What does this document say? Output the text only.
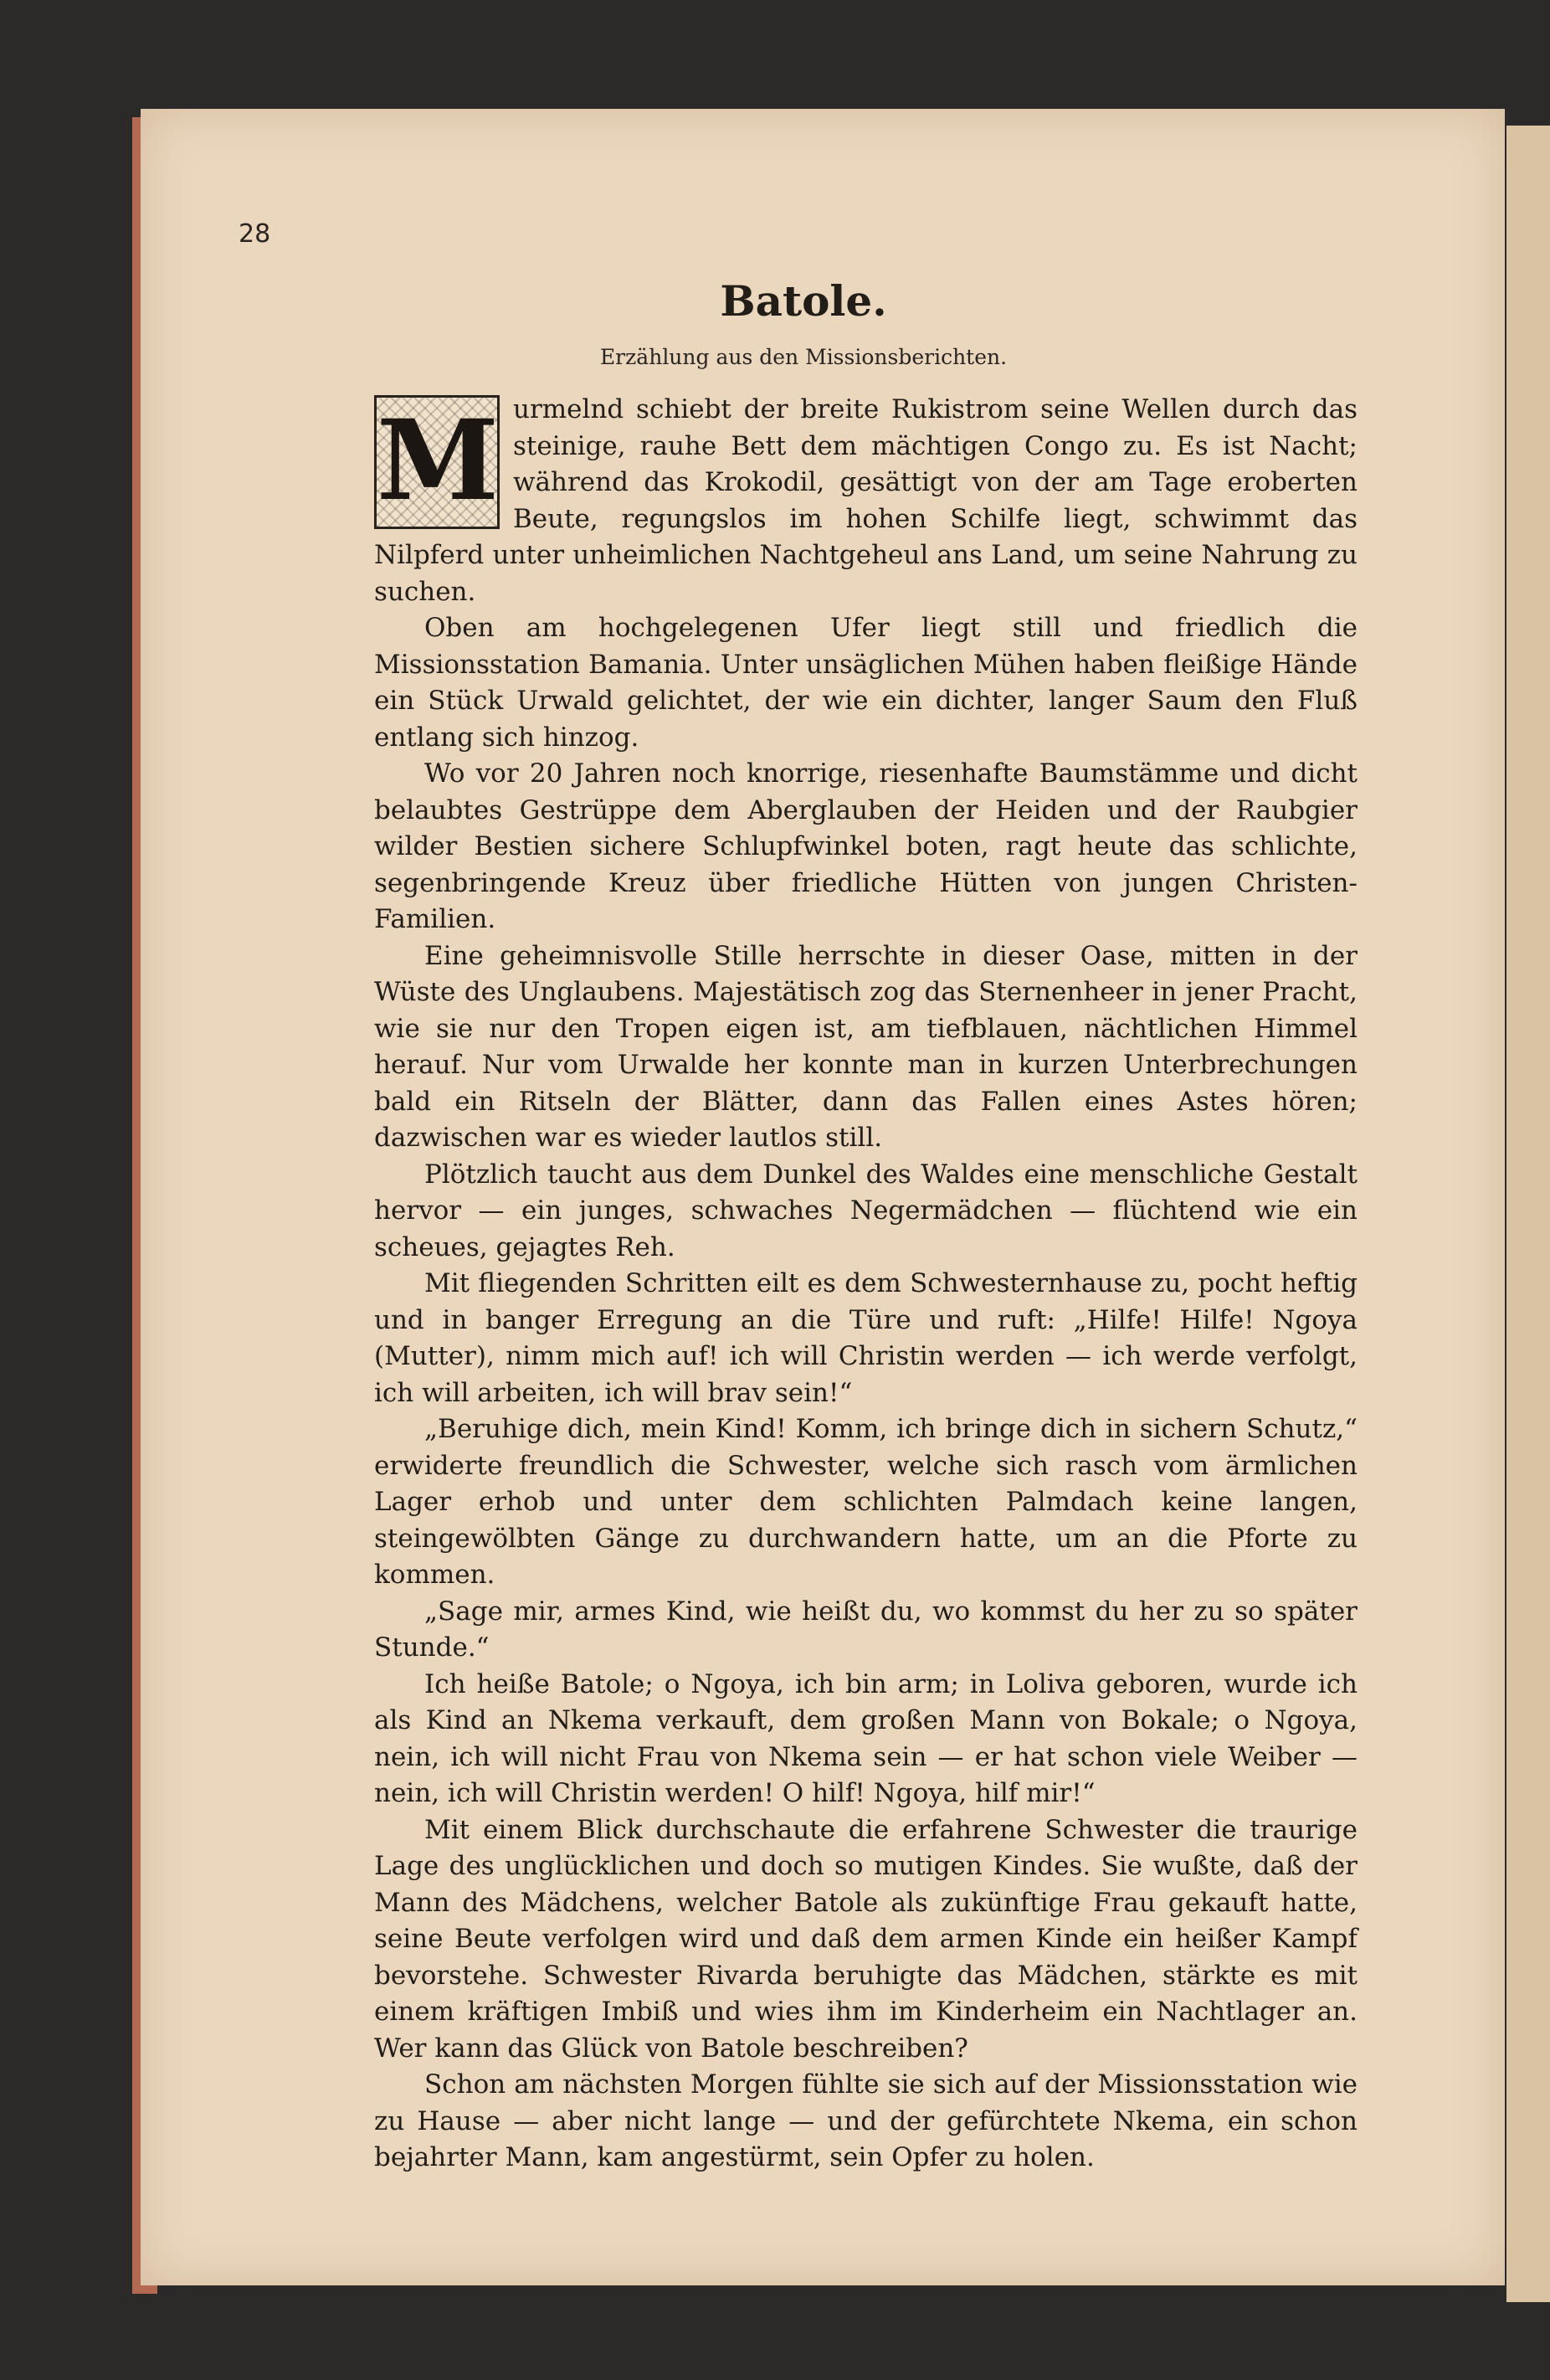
28

Batole.

Erzählung aus den Missionsberichten.

M urmelnd schiebt der breite Rukistrom seine Wellen durch das steinige, rauhe Bett dem mächtigen Congo zu. Es ist Nacht; während das Krokodil, gesättigt von der am Tage eroberten Beute, regungslos im hohen Schilfe liegt, schwimmt das Nilpferd unter unheimlichen Nachtgeheul ans Land, um seine Nahrung zu suchen.

Oben am hochgelegenen Ufer liegt still und friedlich die Missionsstation Bamania. Unter unsäglichen Mühen haben fleißige Hände ein Stück Urwald gelichtet, der wie ein dichter, langer Saum den Fluß entlang sich hinzog.

Wo vor 20 Jahren noch knorrige, riesenhafte Baumstämme und dicht belaubtes Gestrüppe dem Aberglauben der Heiden und der Raubgier wilder Bestien sichere Schlupfwinkel boten, ragt heute das schlichte, segenbringende Kreuz über friedliche Hütten von jungen Christen-Familien.

Eine geheimnisvolle Stille herrschte in dieser Oase, mitten in der Wüste des Unglaubens. Majestätisch zog das Sternenheer in jener Pracht, wie sie nur den Tropen eigen ist, am tiefblauen, nächtlichen Himmel herauf. Nur vom Urwalde her konnte man in kurzen Unterbrechungen bald ein Ritseln der Blätter, dann das Fallen eines Astes hören; dazwischen war es wieder lautlos still.

Plötzlich taucht aus dem Dunkel des Waldes eine menschliche Gestalt hervor — ein junges, schwaches Negermädchen — flüchtend wie ein scheues, gejagtes Reh.

Mit fliegenden Schritten eilt es dem Schwesternhause zu, pocht heftig und in banger Erregung an die Türe und ruft: „Hilfe! Hilfe! Ngoya (Mutter), nimm mich auf! ich will Christin werden — ich werde verfolgt, ich will arbeiten, ich will brav sein!“

„Beruhige dich, mein Kind! Komm, ich bringe dich in sichern Schutz,“ erwiderte freundlich die Schwester, welche sich rasch vom ärmlichen Lager erhob und unter dem schlichten Palmdach keine langen, steingewölbten Gänge zu durchwandern hatte, um an die Pforte zu kommen.

„Sage mir, armes Kind, wie heißt du, wo kommst du her zu so später Stunde.“

Ich heiße Batole; o Ngoya, ich bin arm; in Loliva geboren, wurde ich als Kind an Nkema verkauft, dem großen Mann von Bokale; o Ngoya, nein, ich will nicht Frau von Nkema sein — er hat schon viele Weiber — nein, ich will Christin werden! O hilf! Ngoya, hilf mir!“

Mit einem Blick durchschaute die erfahrene Schwester die traurige Lage des unglücklichen und doch so mutigen Kindes. Sie wußte, daß der Mann des Mädchens, welcher Batole als zukünftige Frau gekauft hatte, seine Beute verfolgen wird und daß dem armen Kinde ein heißer Kampf bevorstehe. Schwester Rivarda beruhigte das Mädchen, stärkte es mit einem kräftigen Imbiß und wies ihm im Kinderheim ein Nachtlager an. Wer kann das Glück von Batole beschreiben?

Schon am nächsten Morgen fühlte sie sich auf der Missionsstation wie zu Hause — aber nicht lange — und der gefürchtete Nkema, ein schon bejahrter Mann, kam angestürmt, sein Opfer zu holen.
